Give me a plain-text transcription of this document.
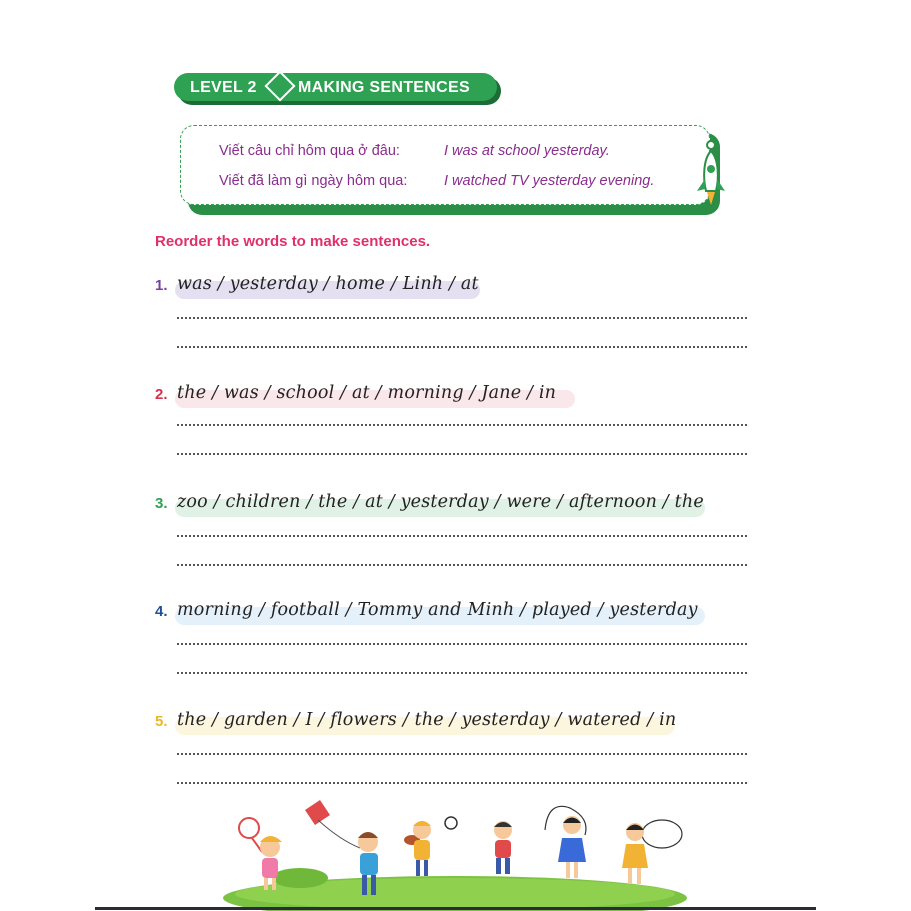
LEVEL 2	MAKING SENTENCES
Viết câu chỉ hôm qua ở đâu:	I was at school yesterday.
Viết đã làm gì ngày hôm qua:	I watched TV yesterday evening.
Reorder the words to make sentences.
1. was / yesterday / home / Linh / at
2. the / was / school / at / morning / Jane / in
3. zoo / children / the / at / yesterday / were / afternoon / the
4. morning / football / Tommy and Minh / played / yesterday
5. the / garden / I / flowers / the / yesterday / watered / in
